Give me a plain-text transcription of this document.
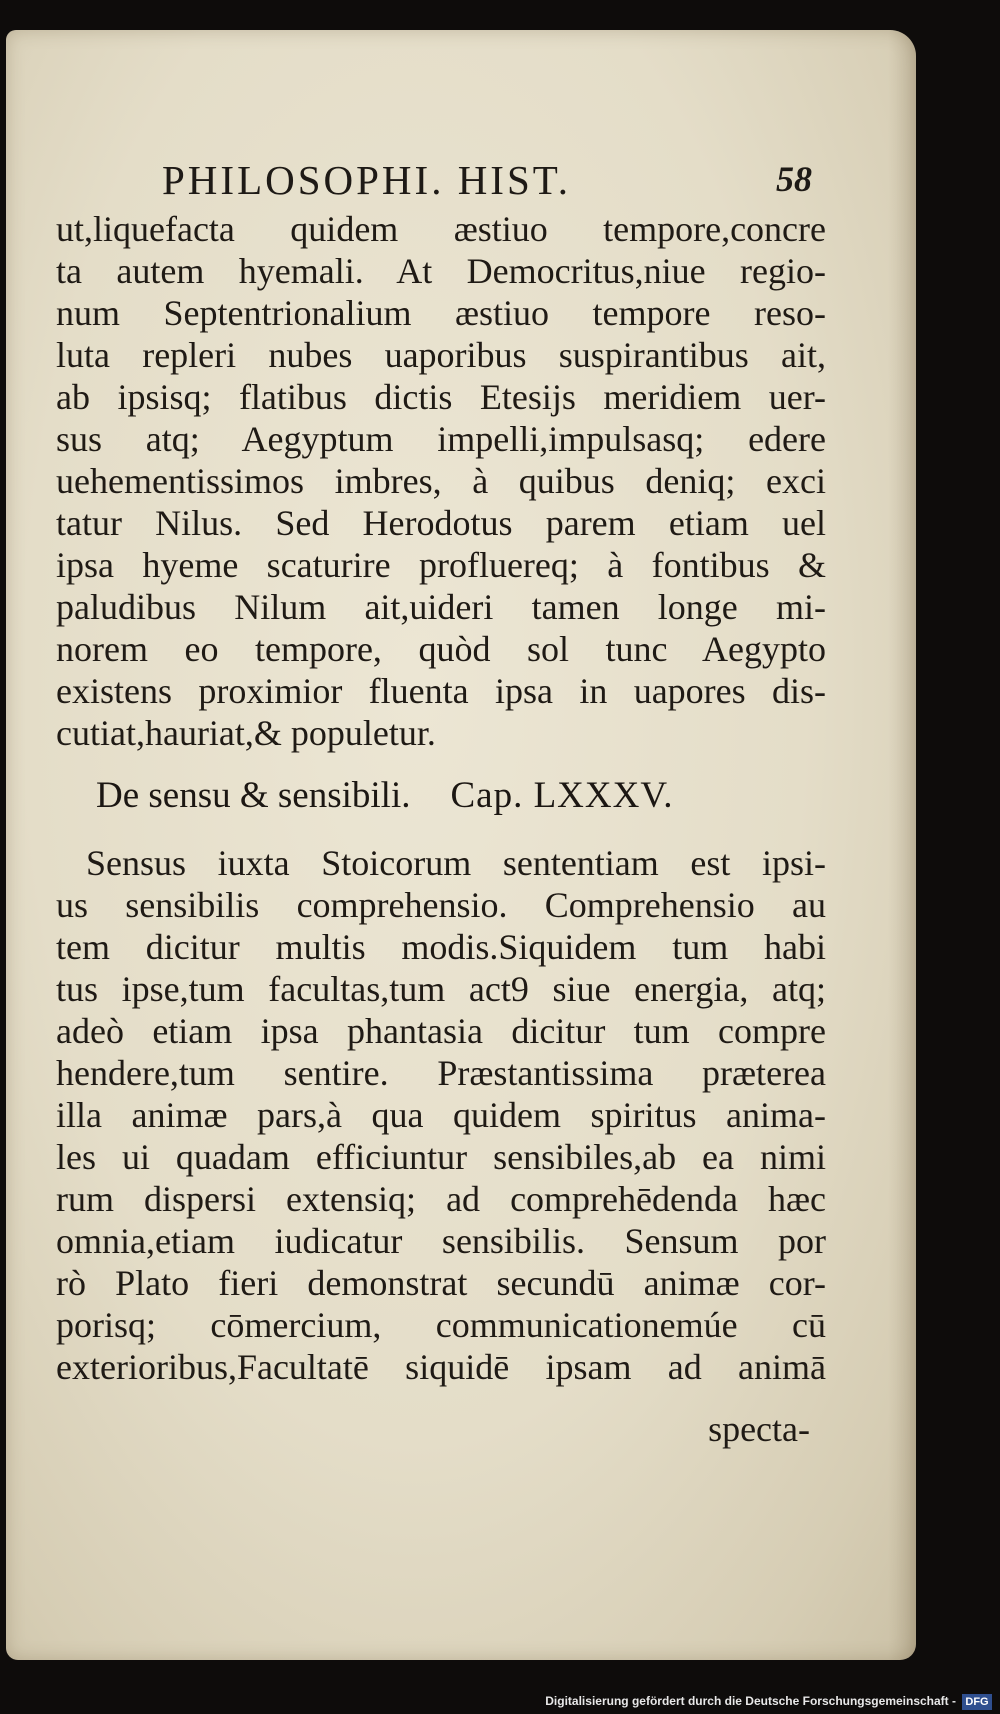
PHILOSOPHI. HIST.	58
ut,liquefacta quidem æstiuo tempore,concre
ta autem hyemali. At Democritus,niue regio-
num Septentrionalium æstiuo tempore reso-
luta repleri nubes uaporibus suspirantibus ait,
ab ipsisq; flatibus dictis Etesijs meridiem uer-
sus atq; Aegyptum impelli,impulsasq; edere
uehementissimos imbres, à quibus deniq; exci
tatur Nilus. Sed Herodotus parem etiam uel
ipsa hyeme scaturire profluereq; à fontibus &
paludibus Nilum ait,uideri tamen longe mi-
norem eo tempore, quòd sol tunc Aegypto
existens proximior fluenta ipsa in uapores dis-
cutiat,hauriat,& populetur.
De sensu & sensibili. Cap. LXXXV.
Sensus iuxta Stoicorum sententiam est ipsi-
us sensibilis comprehensio. Comprehensio au
tem dicitur multis modis.Siquidem tum habi
tus ipse,tum facultas,tum act9 siue energia, atq;
adeò etiam ipsa phantasia dicitur tum compre
hendere,tum sentire. Præstantissima præterea
illa animæ pars,à qua quidem spiritus anima-
les ui quadam efficiuntur sensibiles,ab ea nimi
rum dispersi extensiq; ad comprehēdenda hæc
omnia,etiam iudicatur sensibilis. Sensum por
rò Plato fieri demonstrat secundū animæ cor-
porisq; cōmercium, communicationemúe cū
exterioribus,Facultatē siquidē ipsam ad animā
specta-
Digitalisierung gefördert durch die Deutsche Forschungsgemeinschaft - DFG
